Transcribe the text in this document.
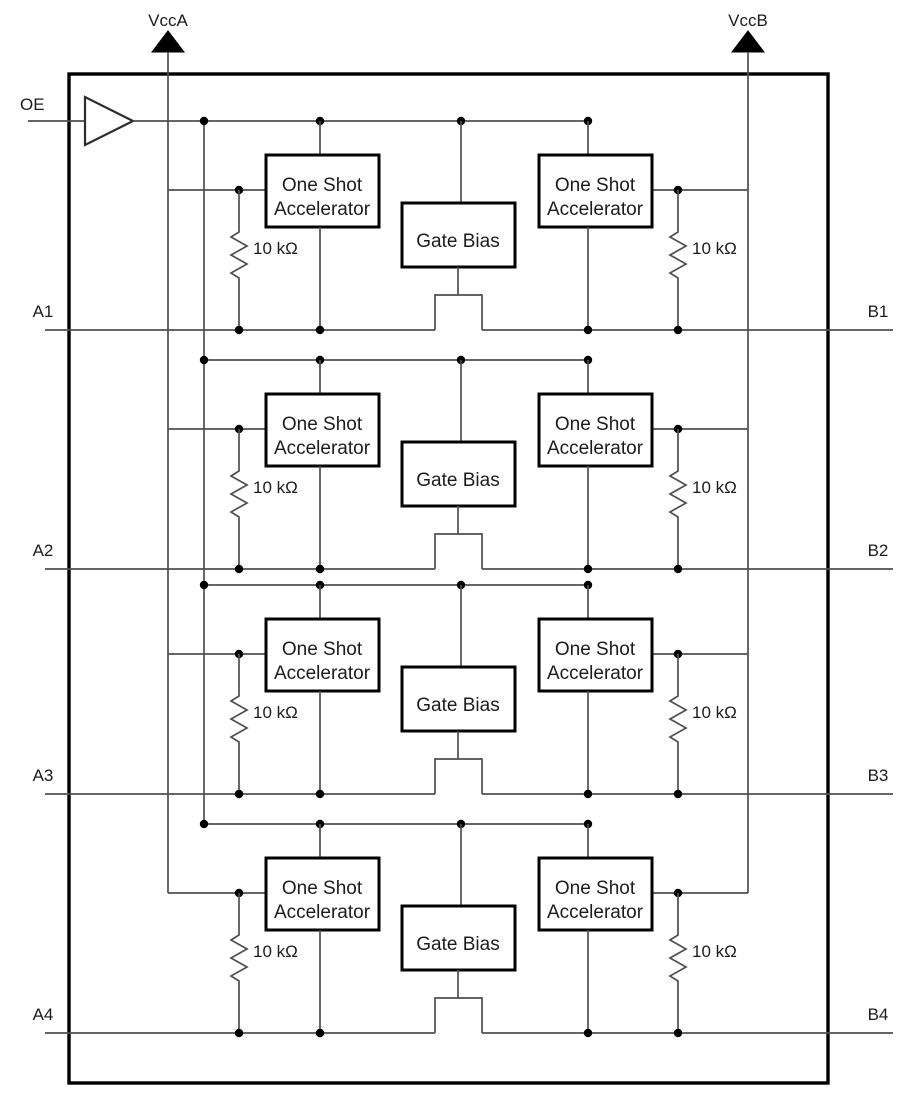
VccA	VccB
OE
One Shot
Accelerator
One Shot
Accelerator
Gate Bias
10 kΩ	10 kΩ
A1	B1
One Shot
Accelerator
One Shot
Accelerator
Gate Bias
10 kΩ	10 kΩ
A2	B2
One Shot
Accelerator
One Shot
Accelerator
Gate Bias
10 kΩ	10 kΩ
A3	B3
One Shot
Accelerator
One Shot
Accelerator
Gate Bias
10 kΩ	10 kΩ
A4	B4
